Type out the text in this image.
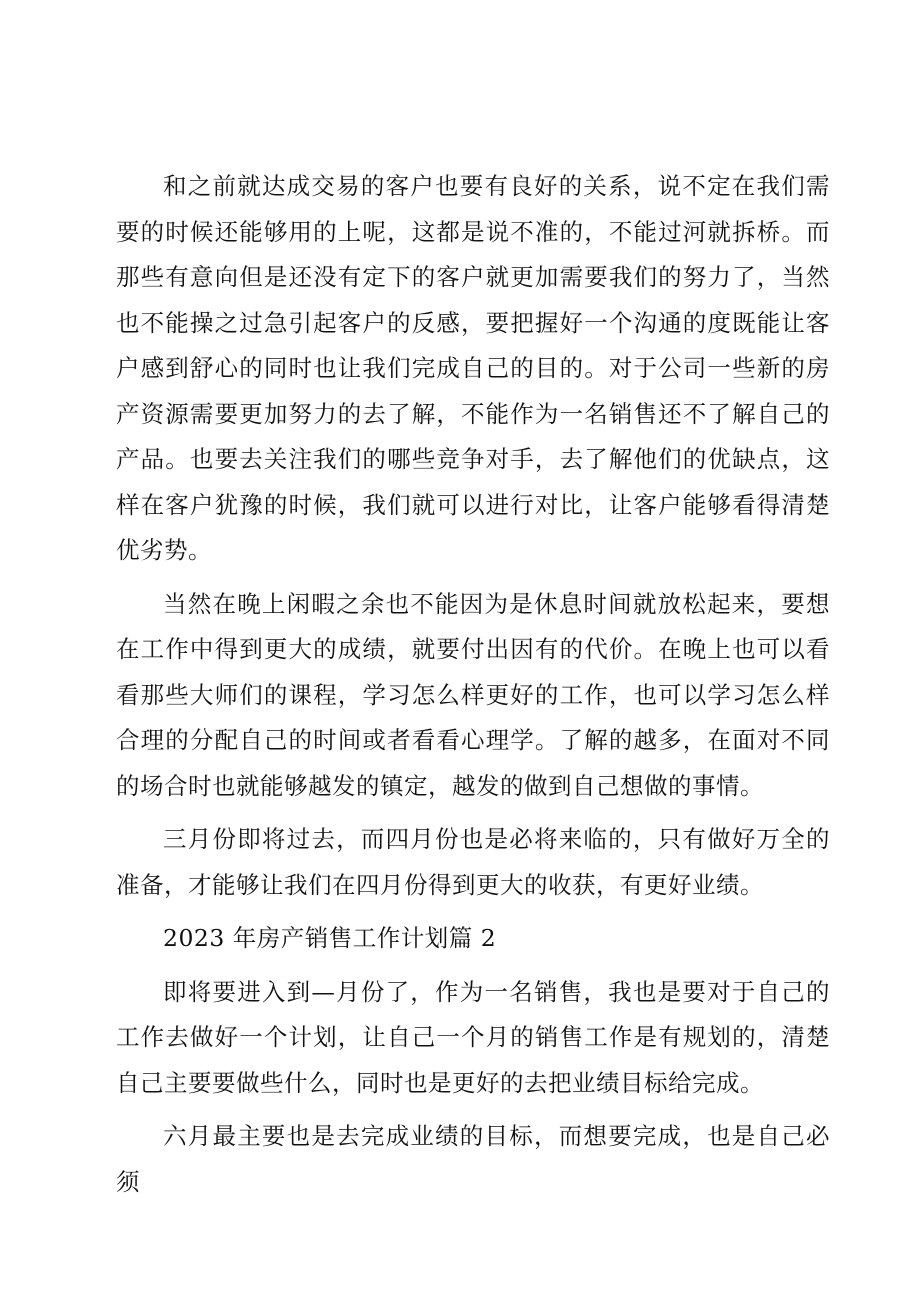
和之前就达成交易的客户也要有良好的关系，说不定在我们需要的时候还能够用的上呢，这都是说不准的，不能过河就拆桥。而那些有意向但是还没有定下的客户就更加需要我们的努力了，当然也不能操之过急引起客户的反感，要把握好一个沟通的度既能让客户感到舒心的同时也让我们完成自己的目的。对于公司一些新的房产资源需要更加努力的去了解，不能作为一名销售还不了解自己的产品。也要去关注我们的哪些竞争对手，去了解他们的优缺点，这样在客户犹豫的时候，我们就可以进行对比，让客户能够看得清楚优劣势。

当然在晚上闲暇之余也不能因为是休息时间就放松起来，要想在工作中得到更大的成绩，就要付出因有的代价。在晚上也可以看看那些大师们的课程，学习怎么样更好的工作，也可以学习怎么样合理的分配自己的时间或者看看心理学。了解的越多，在面对不同的场合时也就能够越发的镇定，越发的做到自己想做的事情。

三月份即将过去，而四月份也是必将来临的，只有做好万全的准备，才能够让我们在四月份得到更大的收获，有更好业绩。

2023 年房产销售工作计划篇 2

即将要进入到—月份了，作为一名销售，我也是要对于自己的工作去做好一个计划，让自己一个月的销售工作是有规划的，清楚自己主要要做些什么，同时也是更好的去把业绩目标给完成。

六月最主要也是去完成业绩的目标，而想要完成，也是自己必须
